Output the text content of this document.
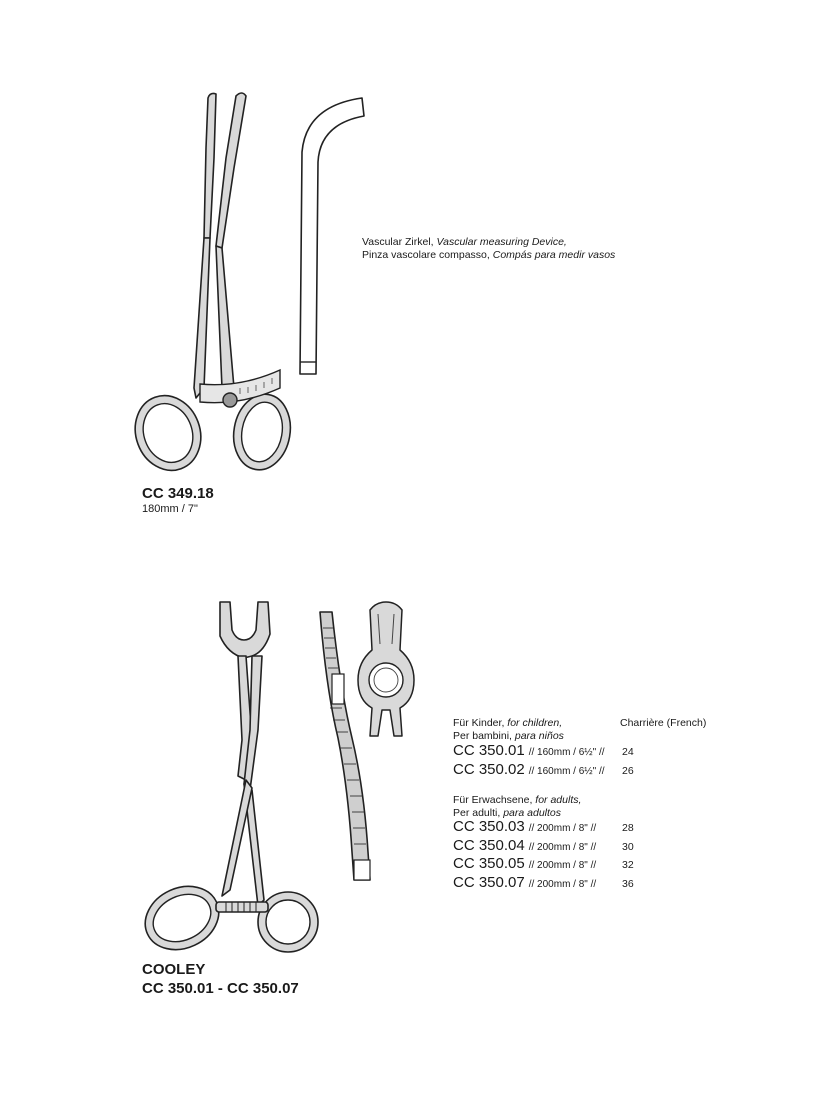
Vascular Zirkel, Vascular measuring Device,
Pinza vascolare compasso, Compás para medir vasos
CC 349.18
180mm / 7"
Für Kinder, for children,
Per bambini, para niños
Charrière (French)
CC 350.01 // 160mm / 6½" // 24
CC 350.02 // 160mm / 6½" // 26
Für Erwachsene, for adults,
Per adulti, para adultos
CC 350.03 // 200mm / 8" // 28
CC 350.04 // 200mm / 8" // 30
CC 350.05 // 200mm / 8" // 32
CC 350.07 // 200mm / 8" // 36
COOLEY
CC 350.01 - CC 350.07
